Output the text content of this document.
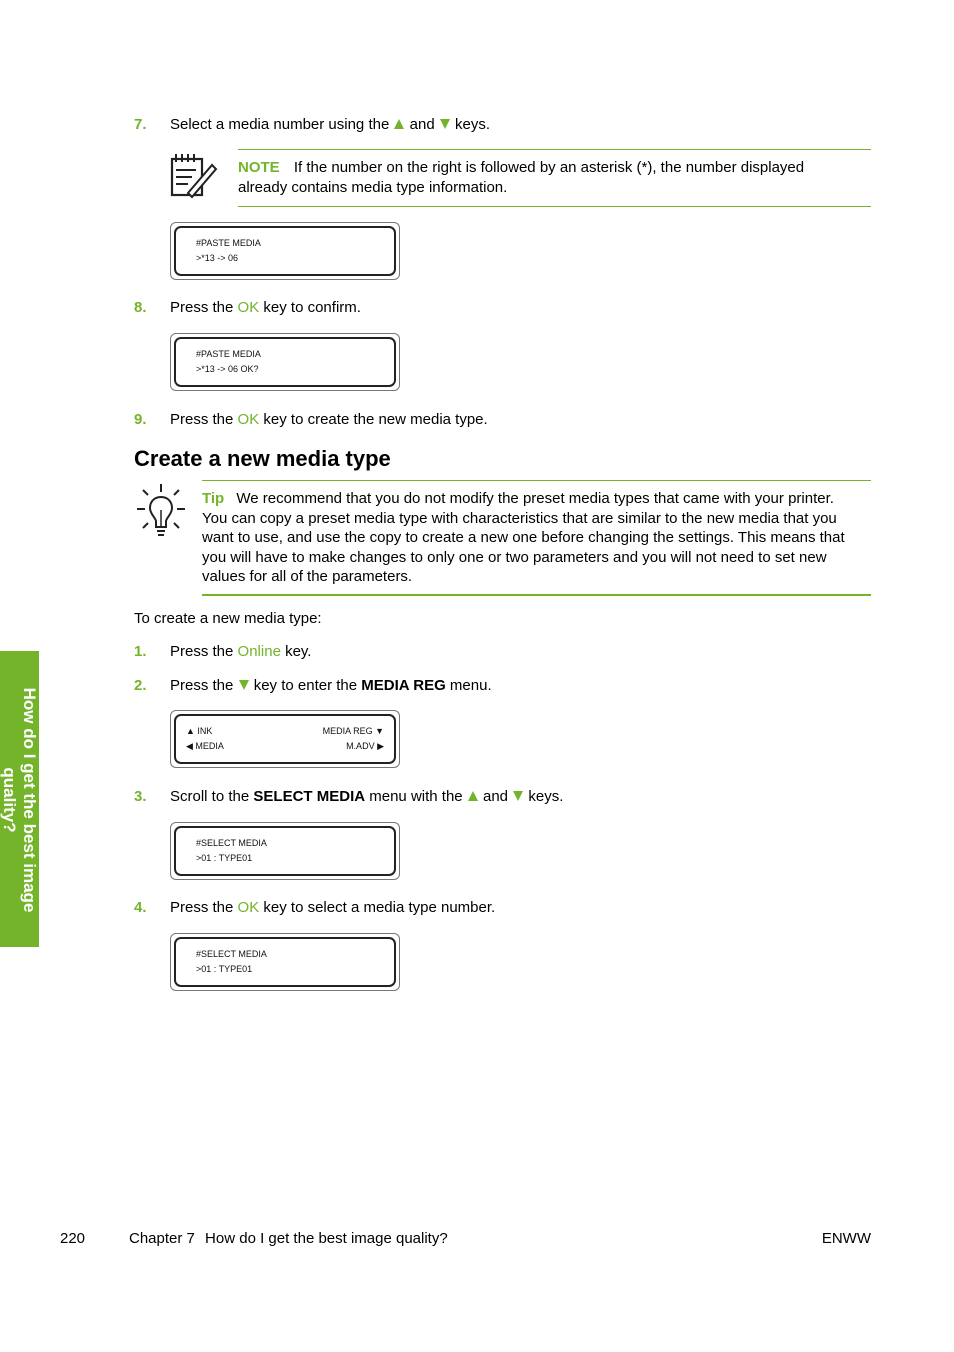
How do I get the best image quality?
7. Select a media number using the and keys.
NOTE If the number on the right is followed by an asterisk (*), the number displayed
already contains media type information.
#PASTE MEDIA
>*13 -> 06
8. Press the OK key to confirm.
#PASTE MEDIA
>*13 -> 06 OK?
9. Press the OK key to create the new media type.
Create a new media type
Tip We recommend that you do not modify the preset media types that came with your printer.
You can copy a preset media type with characteristics that are similar to the new media that you
want to use, and use the copy to create a new one before changing the settings. This means that
you will have to make changes to only one or two parameters and you will not need to set new
values for all of the parameters.
To create a new media type:
1. Press the Online key.
2. Press the key to enter the MEDIA REG menu.
▲ INK
◀ MEDIA
MEDIA REG ▼
M.ADV ▶
3. Scroll to the SELECT MEDIA menu with the and keys.
#SELECT MEDIA
>01 : TYPE01
4. Press the OK key to select a media type number.
#SELECT MEDIA
>01 : TYPE01
220	Chapter 7 How do I get the best image quality?	ENWW
